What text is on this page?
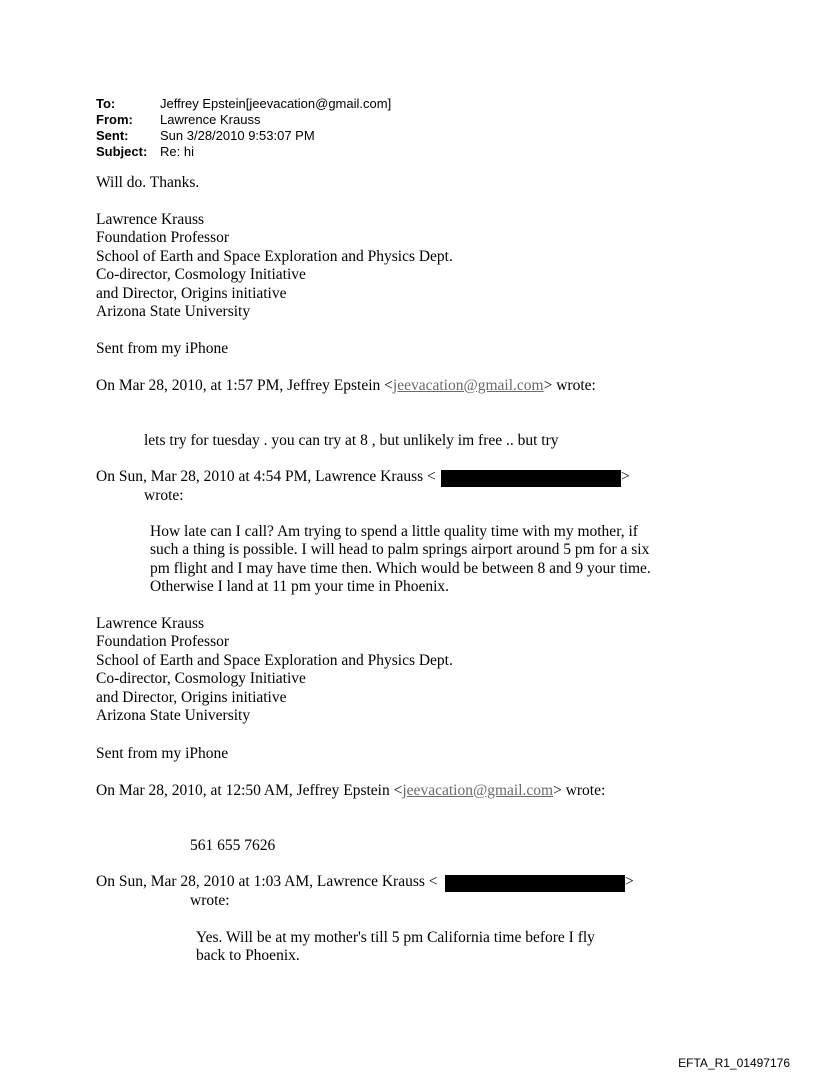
To:	Jeffrey Epstein[jeevacation@gmail.com]
From: Lawrence Krauss
Sent: Sun 3/28/2010 9:53:07 PM
Subject: Re: hi
Will do. Thanks.
Lawrence Krauss
Foundation Professor
School of Earth and Space Exploration and Physics Dept.
Co-director, Cosmology Initiative
and Director, Origins initiative
Arizona State University
Sent from my iPhone
On Mar 28, 2010, at 1:57 PM, Jeffrey Epstein <jeevacation@gmail.com> wrote:
lets try for tuesday . you can try at 8 , but unlikely im free .. but try
On Sun, Mar 28, 2010 at 4:54 PM, Lawrence Krauss <	>
wrote:
How late can I call? Am trying to spend a little quality time with my mother, if
such a thing is possible. I will head to palm springs airport around 5 pm for a six
pm flight and I may have time then. Which would be between 8 and 9 your time.
Otherwise I land at 11 pm your time in Phoenix.
Lawrence Krauss
Foundation Professor
School of Earth and Space Exploration and Physics Dept.
Co-director, Cosmology Initiative
and Director, Origins initiative
Arizona State University
Sent from my iPhone
On Mar 28, 2010, at 12:50 AM, Jeffrey Epstein <jeevacation@gmail.com> wrote:
561 655 7626
On Sun, Mar 28, 2010 at 1:03 AM, Lawrence Krauss <	>
wrote:
Yes. Will be at my mother's till 5 pm California time before I fly
back to Phoenix.
EFTA_R1_01497176
